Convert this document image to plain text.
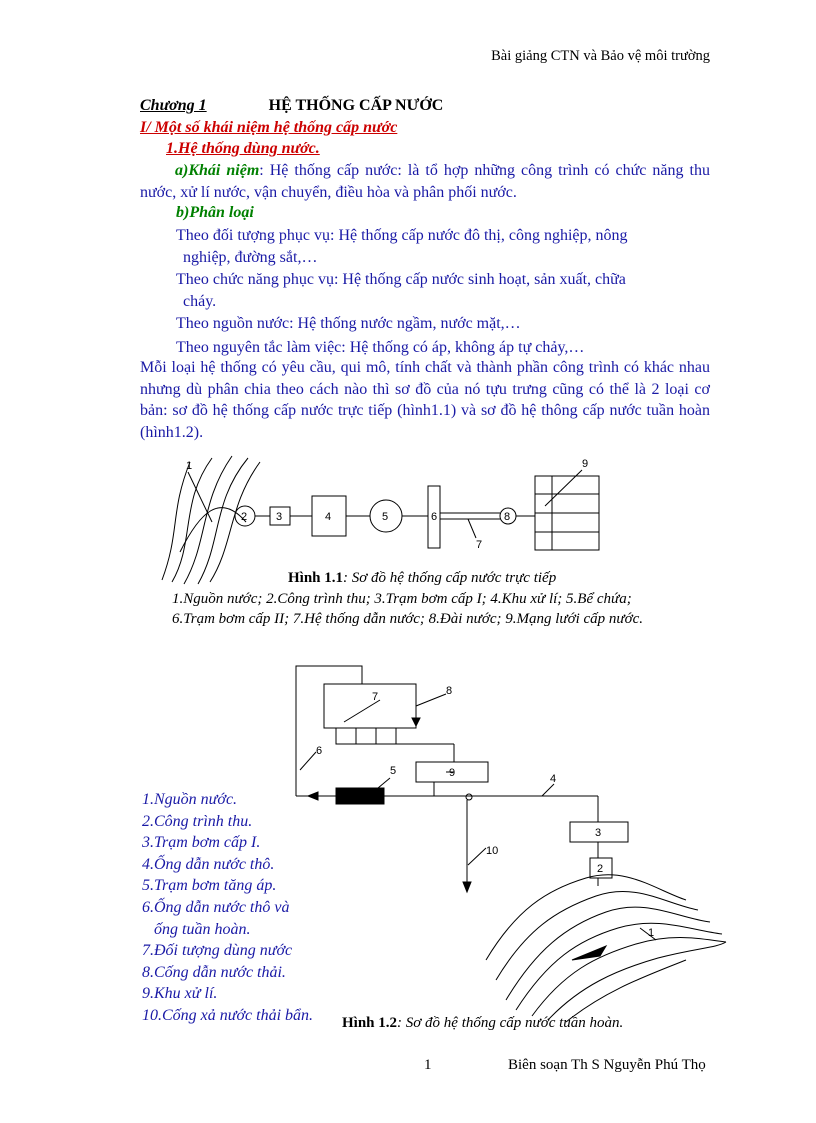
Bài giảng CTN và Bảo vệ môi trường
Chương 1	HỆ THỐNG CẤP NƯỚC
I/ Một số khái niệm hệ thống cấp nước
1.Hệ thống dùng nước.
a)Khái niệm: Hệ thống cấp nước: là tổ hợp những công trình có chức năng thu nước, xử lí nước, vận chuyển, điều hòa và phân phối nước.
b)Phân loại
Theo đối tượng phục vụ: Hệ thống cấp nước đô thị, công nghiệp, nông
nghiệp, đường sắt,…
Theo chức năng phục vụ: Hệ thống cấp nước sinh hoạt, sản xuất, chữa
cháy.
Theo nguồn nước: Hệ thống nước ngầm, nước mặt,…
Theo nguyên tắc làm việc: Hệ thống có áp, không áp tự chảy,…
Mỗi loại hệ thống có yêu cầu, qui mô, tính chất và thành phần công trình có khác nhau nhưng dù phân chia theo cách nào thì sơ đồ của nó tựu trưng cũng có thể là 2 loại cơ bản: sơ đồ hệ thống cấp nước trực tiếp (hình1.1) và sơ đồ hệ thông cấp nước tuần hoàn (hình1.2).
1
2	3	4	5	6
7
8
9
Hình 1.1: Sơ đồ hệ thống cấp nước trực tiếp
1.Nguồn nước; 2.Công trình thu; 3.Trạm bơm cấp I; 4.Khu xử lí; 5.Bể chứa;
6.Trạm bơm cấp II; 7.Hệ thống dẫn nước; 8.Đài nước; 9.Mạng lưới cấp nước.
7	8
9
6
5
4
3
2
10
1
1.Nguồn nước.
2.Công trình thu.
3.Trạm bơm cấp I.
4.Ống dẫn nước thô.
5.Trạm bơm tăng áp.
6.Ống dẫn nước thô và
ống tuần hoàn.
7.Đối tượng dùng nước
8.Cống dẫn nước thải.
9.Khu xử lí.
10.Cống xả nước thải bẩn. Hình 1.2: Sơ đồ hệ thống cấp nước tuần hoàn.
1	Biên soạn Th S Nguyễn Phú Thọ
